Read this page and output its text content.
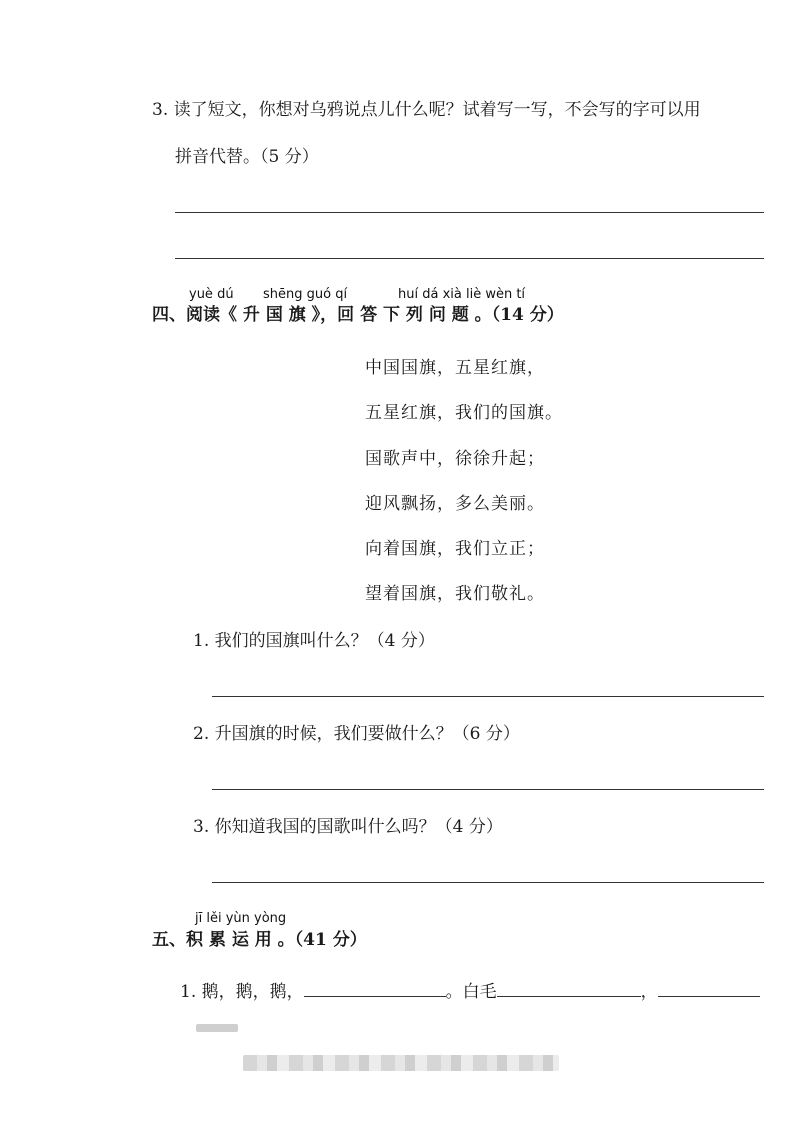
3. 读了短文，你想对乌鸦说点儿什么呢？试着写一写，不会写的字可以用
拼音代替。（5 分）
yuè dú shēng guó qí	huí dá xià liè wèn tí
四、阅读《 升 国 旗 》，回 答 下 列 问 题 。（14 分）
中国国旗，五星红旗，
五星红旗，我们的国旗。
国歌声中，徐徐升起；
迎风飘扬，多么美丽。
向着国旗，我们立正；
望着国旗，我们敬礼。
1. 我们的国旗叫什么？（4 分）
2. 升国旗的时候，我们要做什么？（6 分）
3. 你知道我国的国歌叫什么吗？（4 分）
jī lěi yùn yòng
五、积 累 运 用 。（41 分）
1. 鹅，鹅，鹅，	。白毛	，
